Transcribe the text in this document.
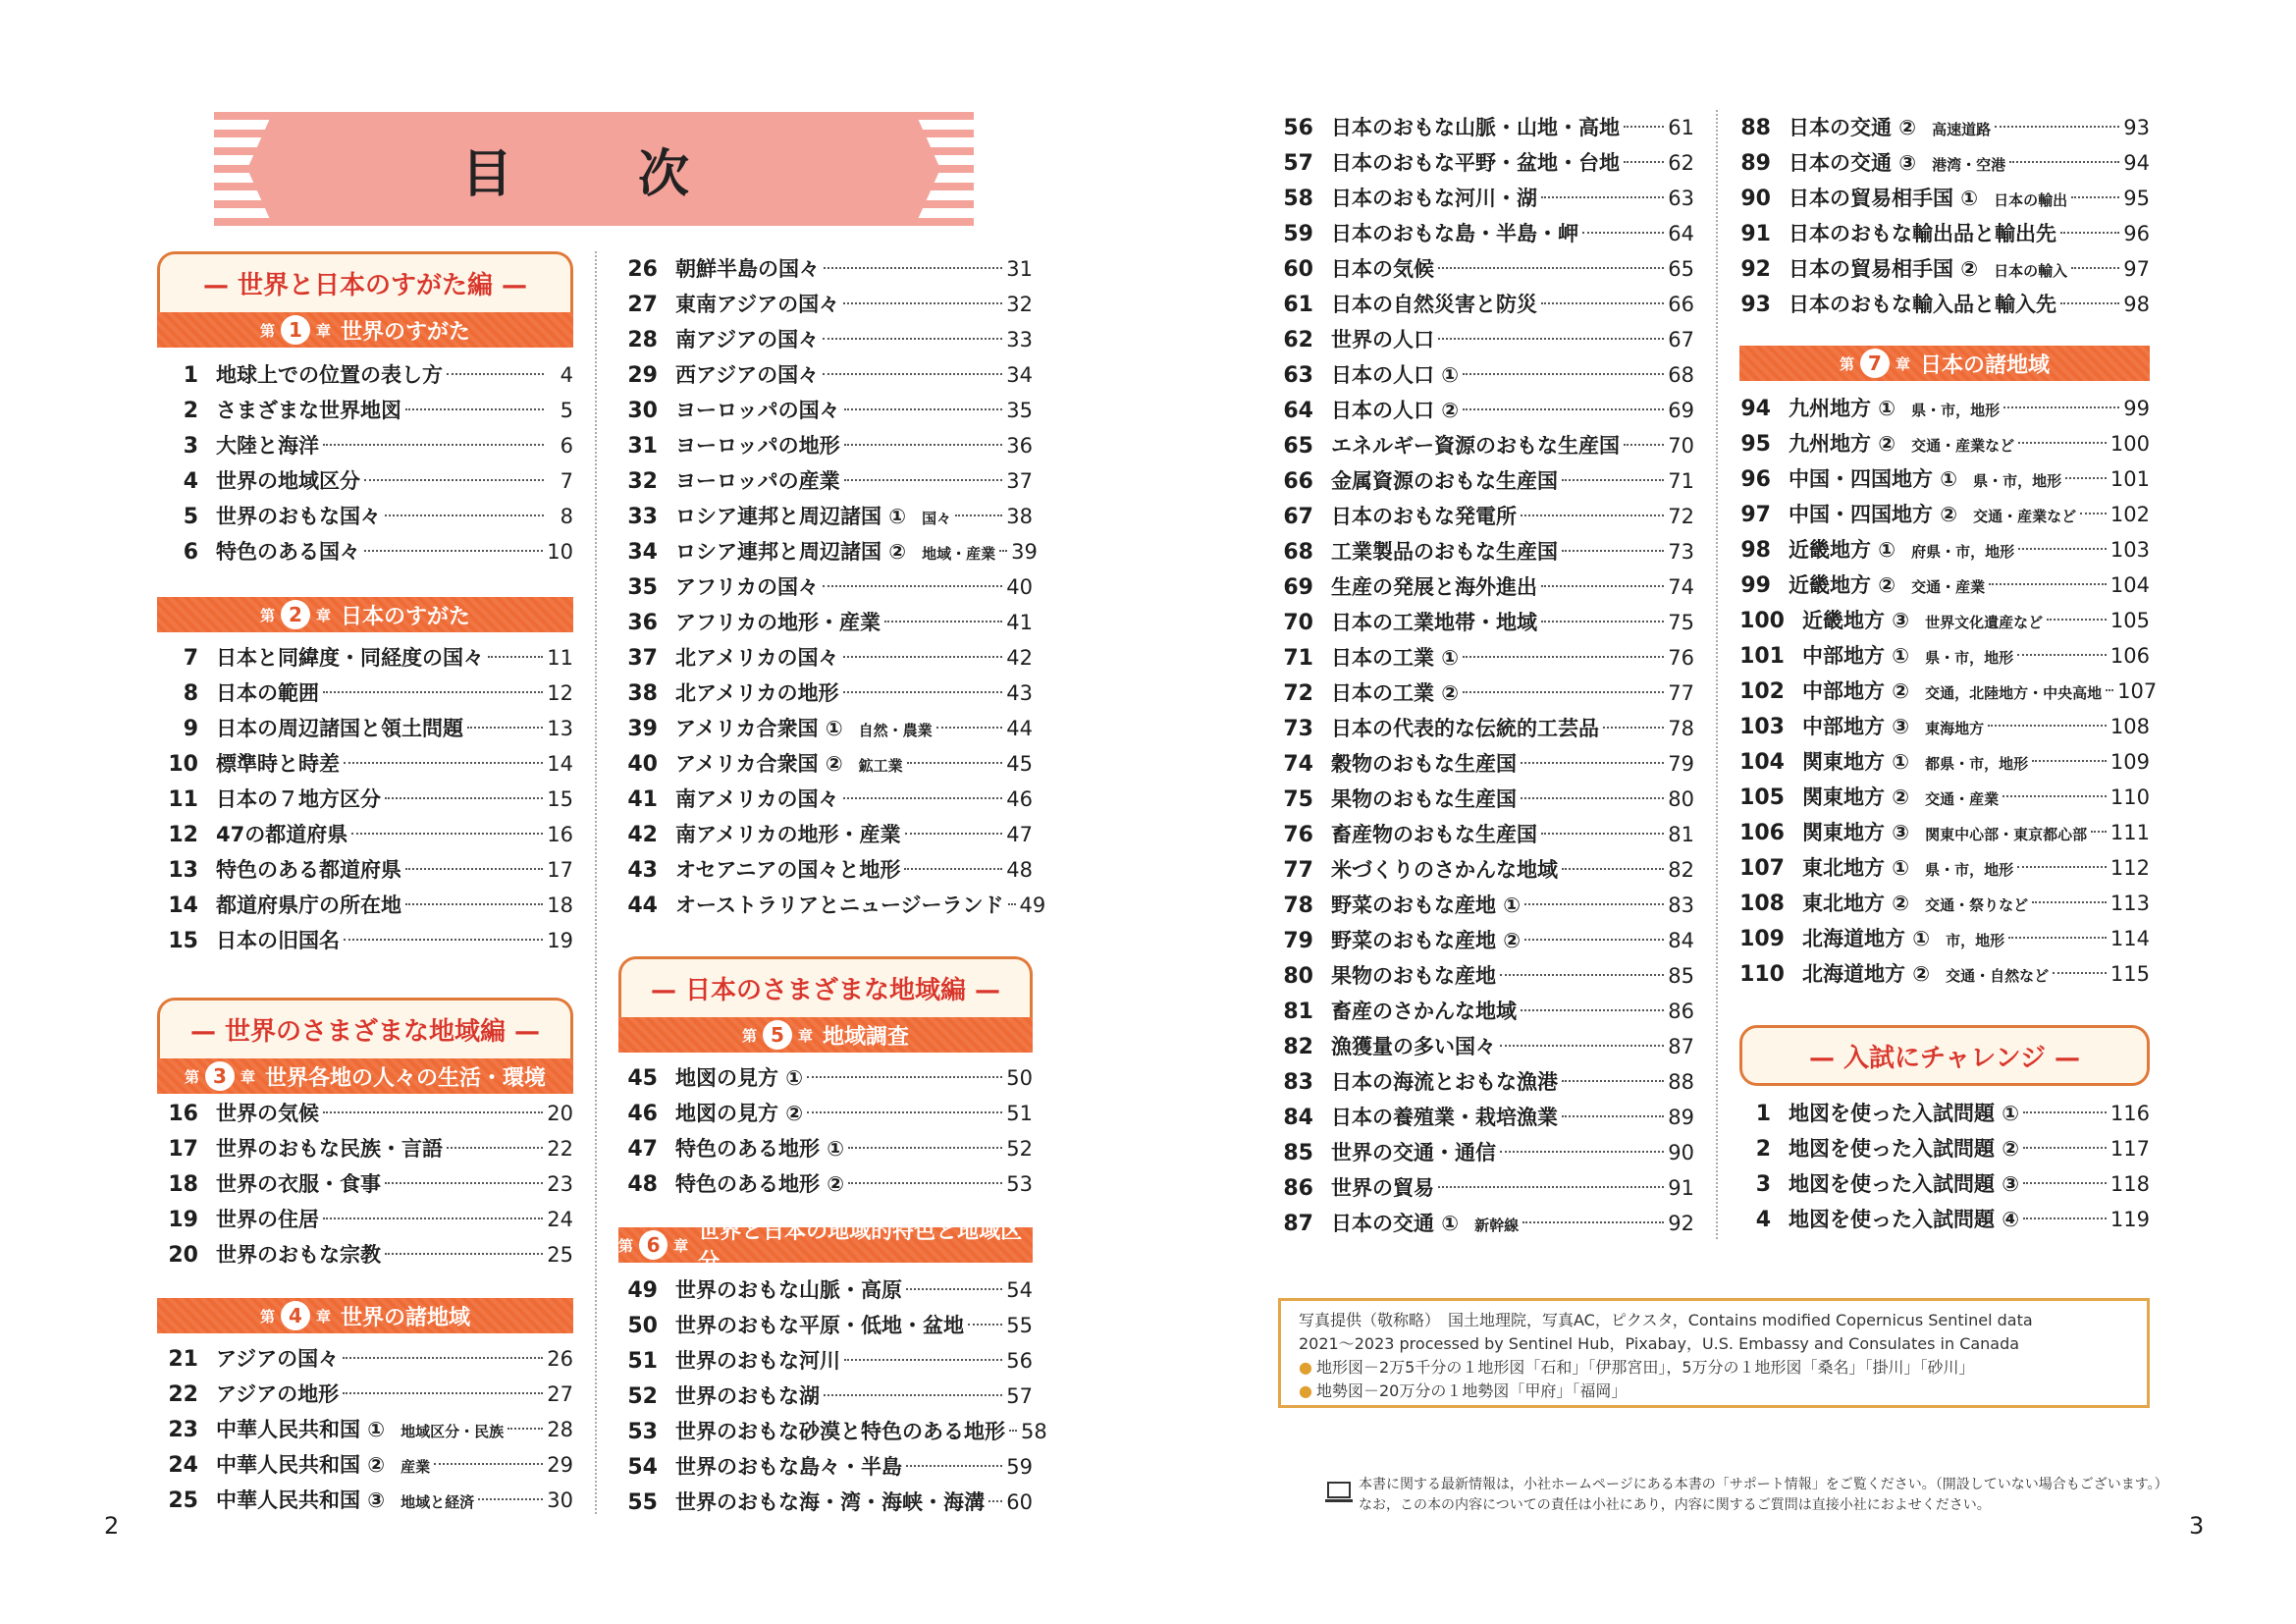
目　次
— 世界と日本のすがた編 —
第 1 章 世界のすがた
1 地球上での位置の表し方	4
2 さまざまな世界地図	5
3 大陸と海洋	6
4 世界の地域区分	7
5 世界のおもな国々	8
6 特色のある国々	10
第 2 章 日本のすがた
7 日本と同緯度・同経度の国々	11
8 日本の範囲	12
9 日本の周辺諸国と領土問題	13
10 標準時と時差	14
11 日本の７地方区分	15
12 47の都道府県	16
13 特色のある都道府県	17
14 都道府県庁の所在地	18
15 日本の旧国名	19
— 世界のさまざまな地域編 —
第 3 章 世界各地の人々の生活・環境
16 世界の気候	20
17 世界のおもな民族・言語	22
18 世界の衣服・食事	23
19 世界の住居	24
20 世界のおもな宗教	25
第 4 章 世界の諸地域
21 アジアの国々	26
22 アジアの地形	27
23 中華人民共和国 ① 地域区分・民族 28
24 中華人民共和国 ② 産業	29
25 中華人民共和国 ③ 地域と経済	30
26 朝鮮半島の国々	31
27 東南アジアの国々	32
28 南アジアの国々	33
29 西アジアの国々	34
30 ヨーロッパの国々	35
31 ヨーロッパの地形	36
32 ヨーロッパの産業	37
33 ロシア連邦と周辺諸国 ① 国々	38
34 ロシア連邦と周辺諸国 ② 地域・産業 39
35 アフリカの国々	40
36 アフリカの地形・産業	41
37 北アメリカの国々	42
38 北アメリカの地形	43
39 アメリカ合衆国 ① 自然・農業	44
40 アメリカ合衆国 ② 鉱工業	45
41 南アメリカの国々	46
42 南アメリカの地形・産業	47
43 オセアニアの国々と地形	48
44 オーストラリアとニュージーランド 49
— 日本のさまざまな地域編 —
第 5 章 地域調査
45 地図の見方 ①	50
46 地図の見方 ②	51
47 特色のある地形 ①	52
48 特色のある地形 ②	53
第 6 章
世界と日本の地域的特色と地域区分
49 世界のおもな山脈・高原	54
50 世界のおもな平原・低地・盆地 55
51 世界のおもな河川	56
52 世界のおもな湖	57
53 世界のおもな砂漠と特色のある地形 58
54 世界のおもな島々・半島	59
55 世界のおもな海・湾・海峡・海溝 60
56 日本のおもな山脈・山地・高地 61
57 日本のおもな平野・盆地・台地 62
58 日本のおもな河川・湖	63
59 日本のおもな島・半島・岬	64
60 日本の気候	65
61 日本の自然災害と防災	66
62 世界の人口	67
63 日本の人口 ①	68
64 日本の人口 ②	69
65 エネルギー資源のおもな生産国 70
66 金属資源のおもな生産国	71
67 日本のおもな発電所	72
68 工業製品のおもな生産国	73
69 生産の発展と海外進出	74
70 日本の工業地帯・地域	75
71 日本の工業 ①	76
72 日本の工業 ②	77
73 日本の代表的な伝統的工芸品	78
74 穀物のおもな生産国	79
75 果物のおもな生産国	80
76 畜産物のおもな生産国	81
77 米づくりのさかんな地域	82
78 野菜のおもな産地 ①	83
79 野菜のおもな産地 ②	84
80 果物のおもな産地	85
81 畜産のさかんな地域	86
82 漁獲量の多い国々	87
83 日本の海流とおもな漁港	88
84 日本の養殖業・栽培漁業	89
85 世界の交通・通信	90
86 世界の貿易	91
87 日本の交通 ① 新幹線	92
88 日本の交通 ② 高速道路	93
89 日本の交通 ③ 港湾・空港	94
90 日本の貿易相手国 ① 日本の輸出	95
91 日本のおもな輸出品と輸出先	96
92 日本の貿易相手国 ② 日本の輸入	97
93 日本のおもな輸入品と輸入先	98
第 7 章 日本の諸地域
94 九州地方 ① 県・市，地形	99
95 九州地方 ② 交通・産業など	100
96 中国・四国地方 ① 県・市，地形 101
97 中国・四国地方 ② 交通・産業など 102
98 近畿地方 ① 府県・市，地形	103
99 近畿地方 ② 交通・産業	104
100 近畿地方 ③ 世界文化遺産など	105
101 中部地方 ① 県・市，地形	106
102 中部地方 ② 交通，北陸地方・中央高地 107
103 中部地方 ③ 東海地方	108
104 関東地方 ① 都県・市，地形	109
105 関東地方 ② 交通・産業	110
106 関東地方 ③ 関東中心部・東京都心部 111
107 東北地方 ① 県・市，地形	112
108 東北地方 ② 交通・祭りなど	113
109 北海道地方 ① 市，地形	114
110 北海道地方 ② 交通・自然など	115
— 入試にチャレンジ —
1 地図を使った入試問題 ①	116
2 地図を使った入試問題 ②	117
3 地図を使った入試問題 ③	118
4 地図を使った入試問題 ④	119
写真提供（敬称略）　国土地理院，写真AC，ピクスタ，Contains modified Copernicus Sentinel data
2021～2023 processed by Sentinel Hub，Pixabay，U.S. Embassy and Consulates in Canada
● 地形図－2万5千分の１地形図「石和」「伊那宮田」，5万分の１地形図「桑名」「掛川」「砂川」
● 地勢図－20万分の１地勢図「甲府」「福岡」
本書に関する最新情報は，小社ホームページにある本書の「サポート情報」をご覧ください。（開設していない場合もございます。）
なお，この本の内容についての責任は小社にあり，内容に関するご質問は直接小社におよせください。
2	3
